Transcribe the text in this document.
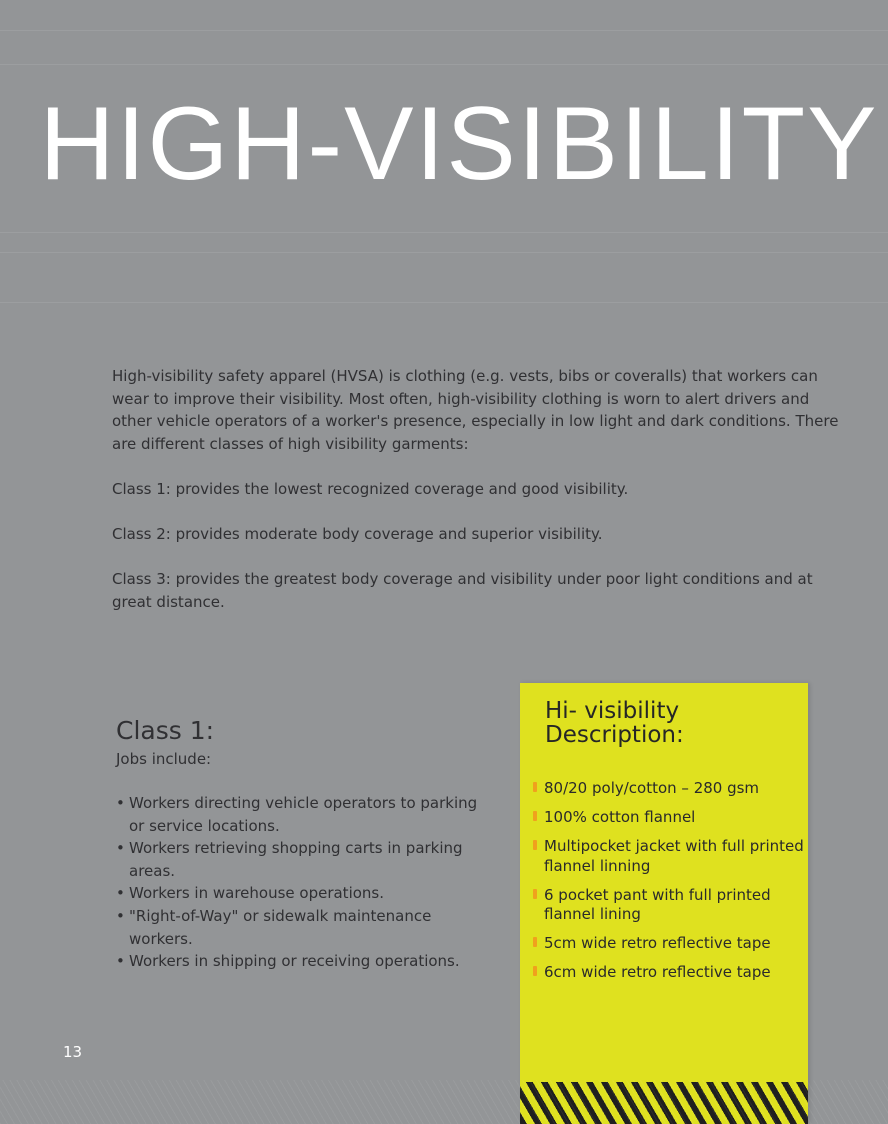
HIGH-VISIBILITY

High-visibility safety apparel (HVSA) is clothing (e.g. vests, bibs or coveralls) that workers can wear to improve their visibility. Most often, high-visibility clothing is worn to alert drivers and other vehicle operators of a worker's presence, especially in low light and dark conditions. There are different classes of high visibility garments:

Class 1: provides the lowest recognized coverage and good visibility.

Class 2: provides moderate body coverage and superior visibility.

Class 3: provides the greatest body coverage and visibility under poor light conditions and at great distance.

Class 1:

Jobs include:

• Workers directing vehicle operators to parking or service locations.
• Workers retrieving shopping carts in parking areas.
• Workers in warehouse operations.
• "Right-of-Way" or sidewalk maintenance workers.
• Workers in shipping or receiving operations.
Hi- visibility
Description:
80/20 poly/cotton – 280 gsm
100% cotton flannel
Multipocket jacket with full printed flannel linning
6 pocket pant with full printed flannel lining
5cm wide retro reflective tape
6cm wide retro reflective tape

13
